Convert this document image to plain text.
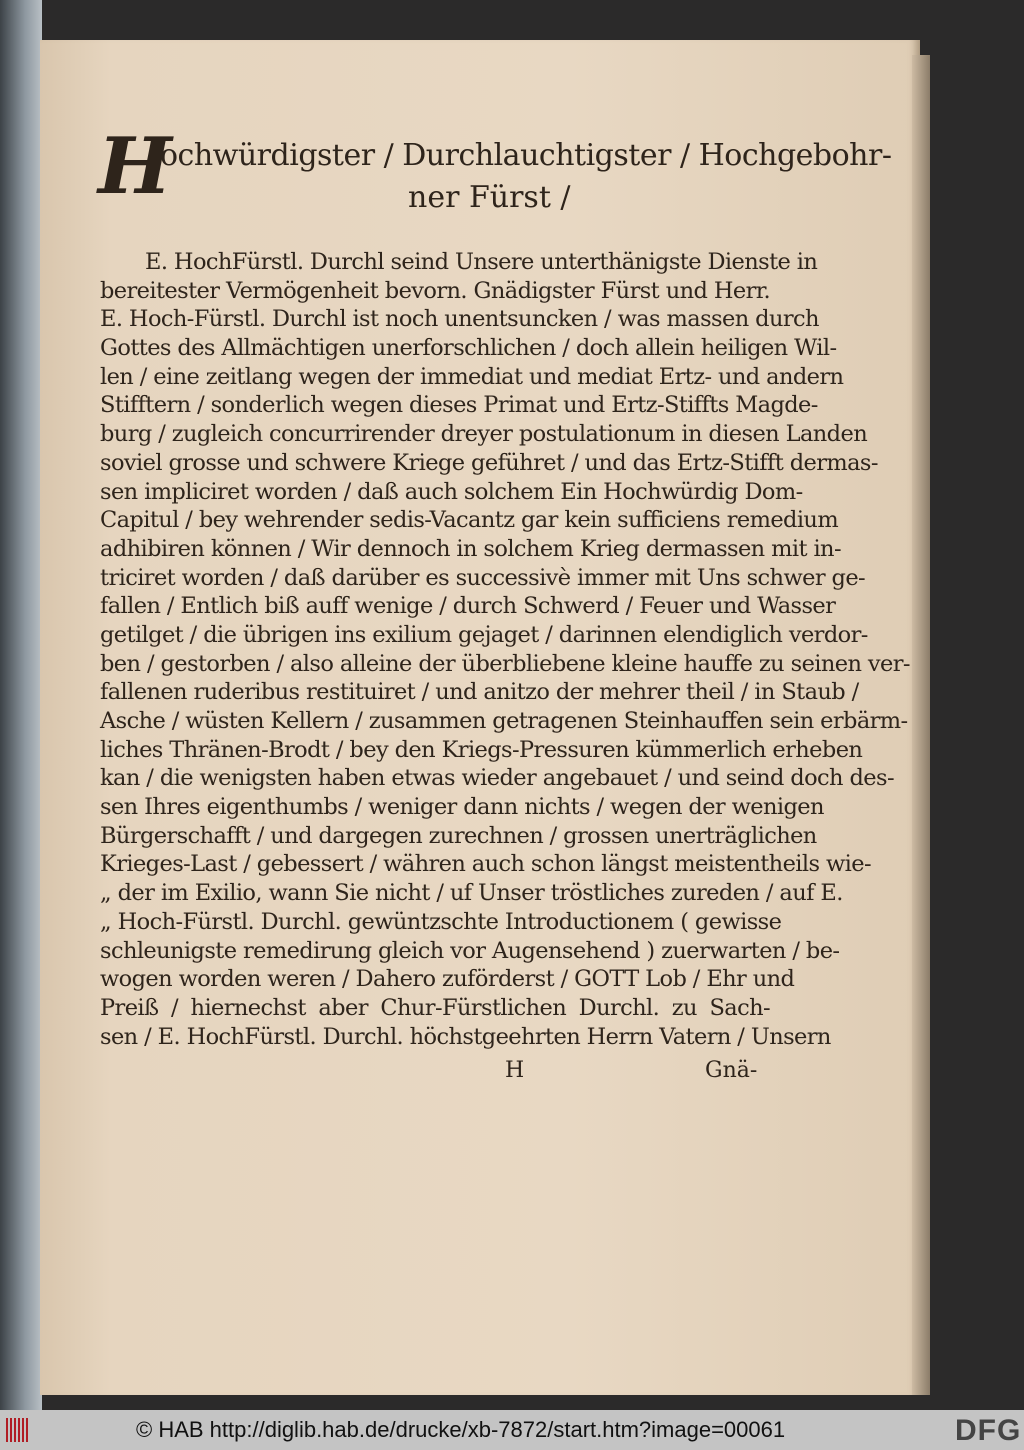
H
ochwürdigster / Durchlauchtigster / Hochgebohr-
ner Fürst /
E. HochFürstl. Durchl seind Unsere unterthänigste Dienste in
bereitester Vermögenheit bevorn. Gnädigster Fürst und Herr.
E. Hoch-Fürstl. Durchl ist noch unentsuncken / was massen durch
Gottes des Allmächtigen unerforschlichen / doch allein heiligen Wil-
len / eine zeitlang wegen der immediat und mediat Ertz- und andern
Stifftern / sonderlich wegen dieses Primat und Ertz-Stiffts Magde-
burg / zugleich concurrirender dreyer postulationum in diesen Landen
soviel grosse und schwere Kriege geführet / und das Ertz-Stifft dermas-
sen impliciret worden / daß auch solchem Ein Hochwürdig Dom-
Capitul / bey wehrender sedis-Vacantz gar kein sufficiens remedium
adhibiren können / Wir dennoch in solchem Krieg dermassen mit in-
triciret worden / daß darüber es successivè immer mit Uns schwer ge-
fallen / Entlich biß auff wenige / durch Schwerd / Feuer und Wasser
getilget / die übrigen ins exilium gejaget / darinnen elendiglich verdor-
ben / gestorben / also alleine der überbliebene kleine hauffe zu seinen ver-
fallenen ruderibus restituiret / und anitzo der mehrer theil / in Staub /
Asche / wüsten Kellern / zusammen getragenen Steinhauffen sein erbärm-
liches Thränen-Brodt / bey den Kriegs-Pressuren kümmerlich erheben
kan / die wenigsten haben etwas wieder angebauet / und seind doch des-
sen Ihres eigenthumbs / weniger dann nichts / wegen der wenigen
Bürgerschafft / und dargegen zurechnen / grossen unerträglichen
Krieges-Last / gebessert / währen auch schon längst meistentheils wie-
„ der im Exilio, wann Sie nicht / uf Unser tröstliches zureden / auf E.
„ Hoch-Fürstl. Durchl. gewüntzschte Introductionem ( gewisse
schleunigste remedirung gleich vor Augensehend ) zuerwarten / be-
wogen worden weren / Dahero zuförderst / GOTT Lob / Ehr und
Preiß / hiernechst aber Chur-Fürstlichen Durchl. zu Sach-
sen / E. HochFürstl. Durchl. höchstgeehrten Herrn Vatern / Unsern
H	Gnä-
© HAB http://diglib.hab.de/drucke/xb-7872/start.htm?image=00061	DFG
